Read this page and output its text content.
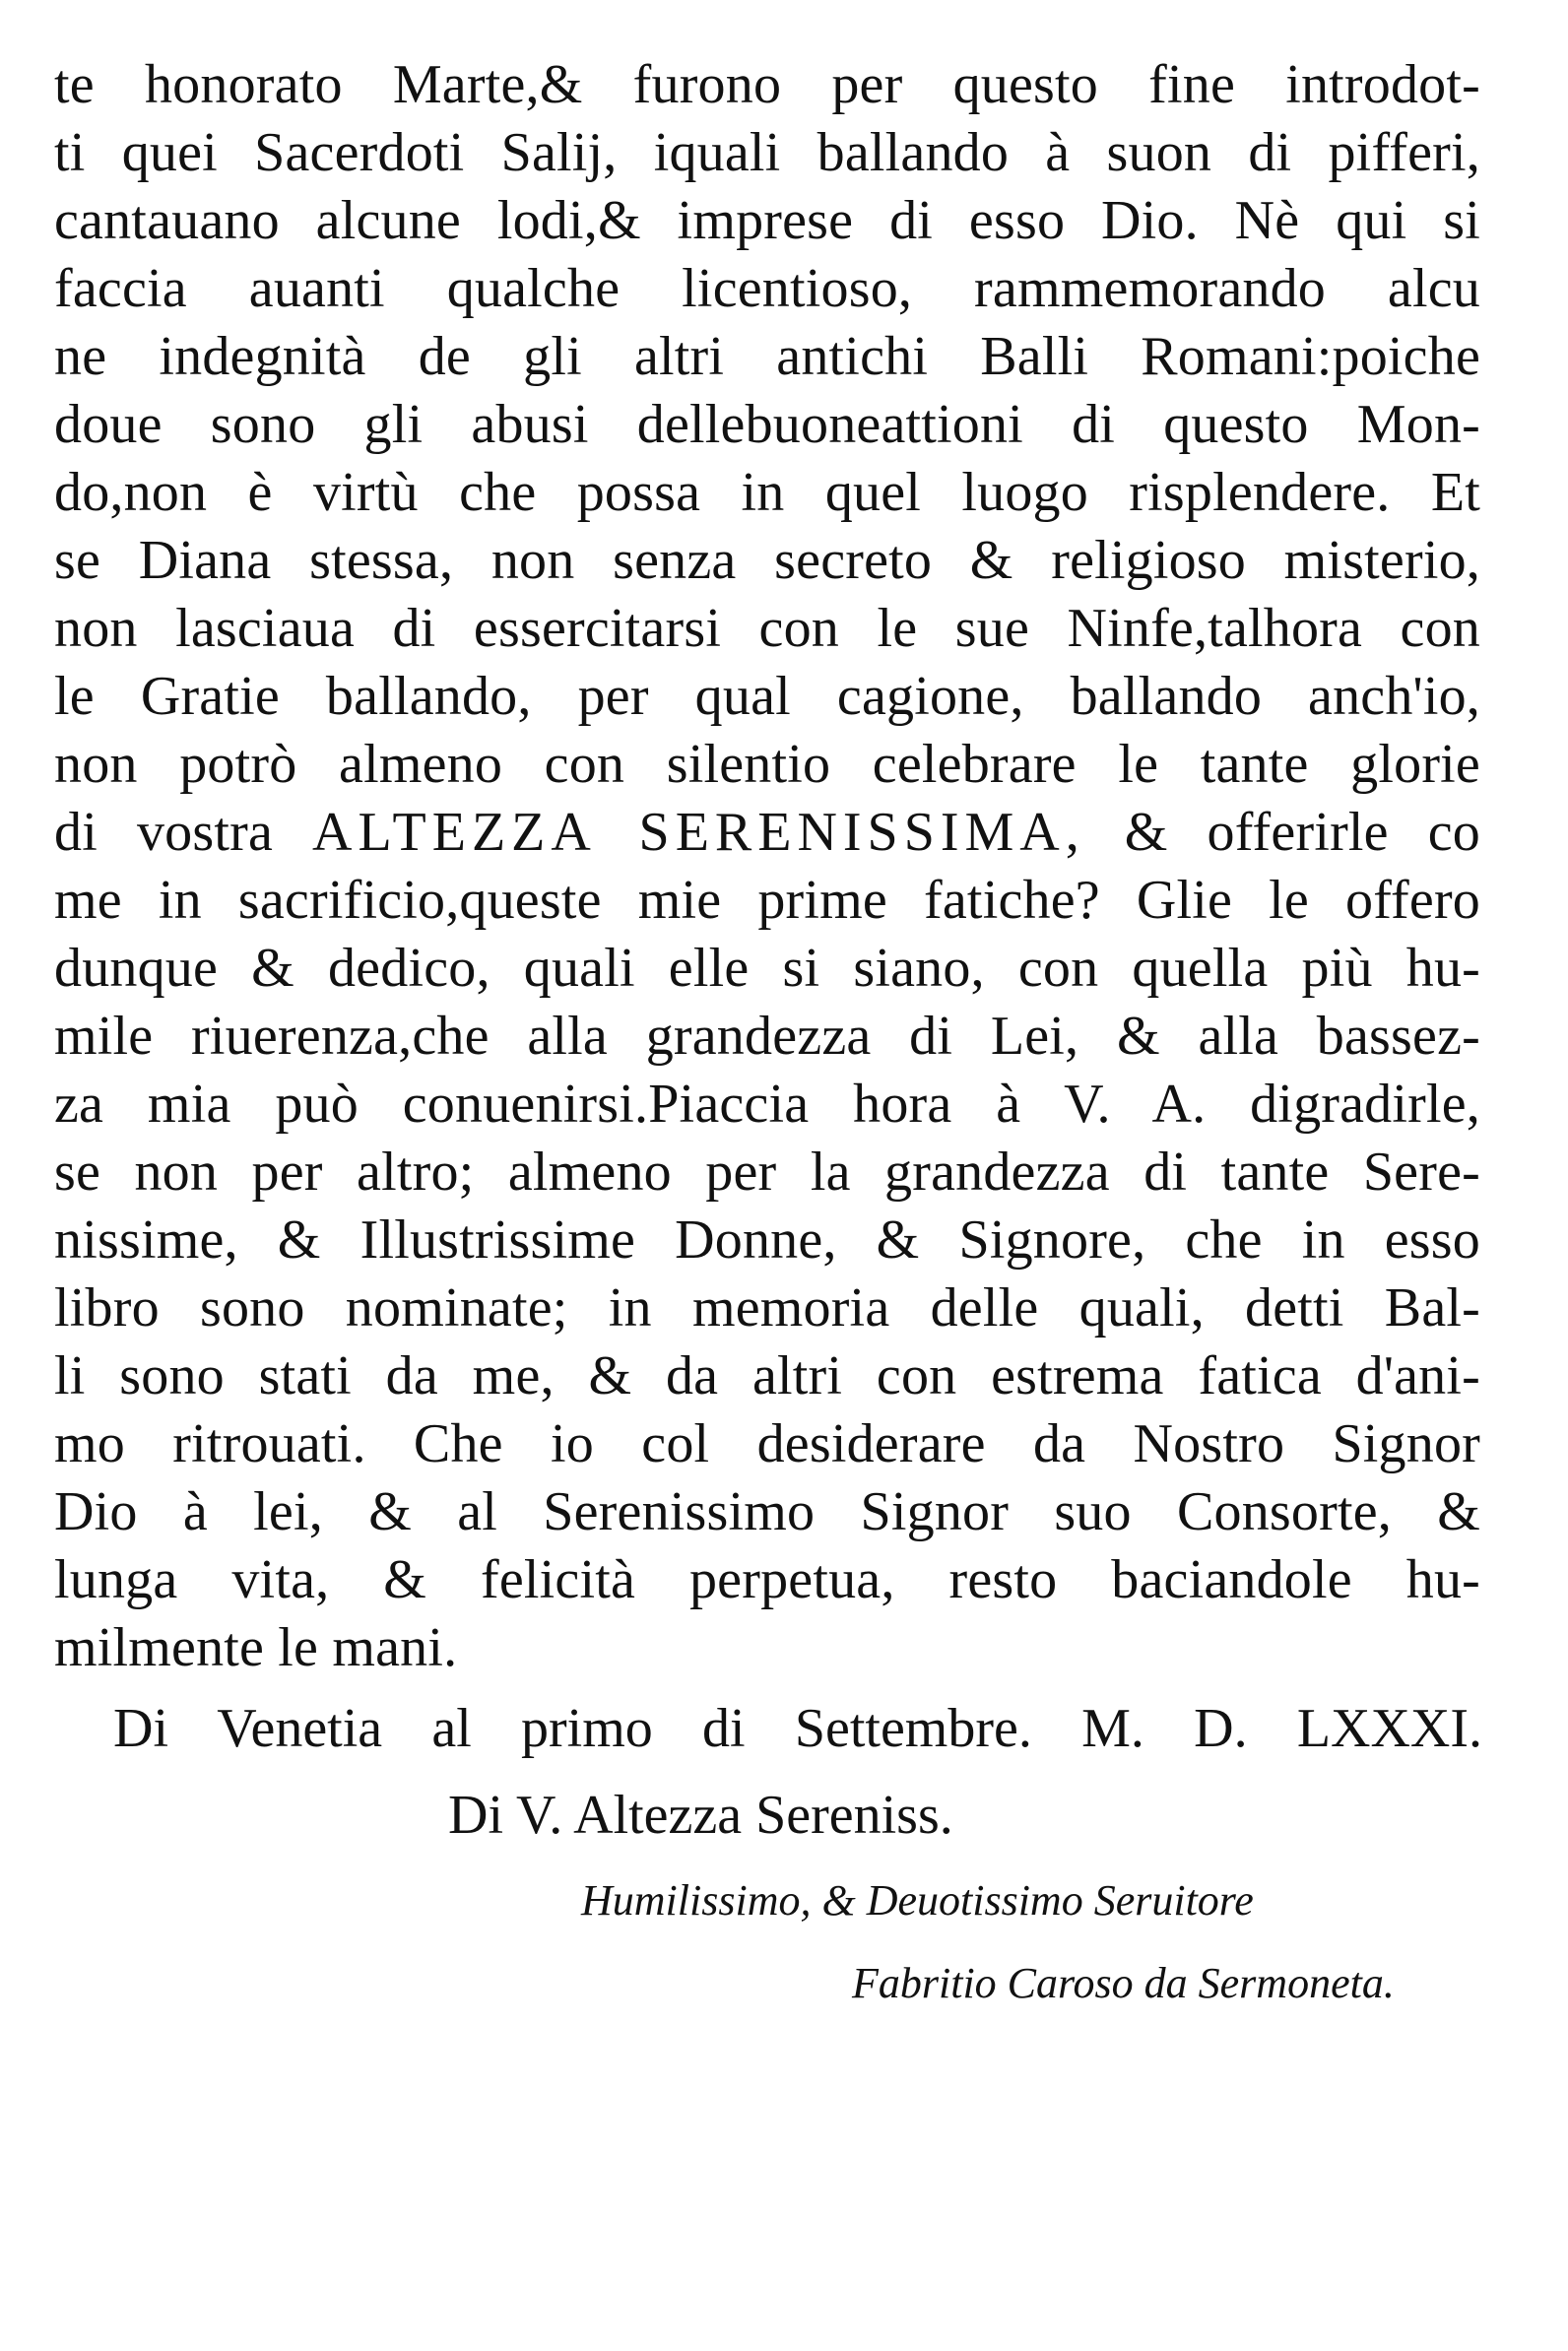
te honorato Marte,& furono per questo fine introdot-
ti quei Sacerdoti Salij, iquali ballando à suon di pifferi,
cantauano alcune lodi,& imprese di esso Dio. Nè qui si
faccia auanti qualche licentioso, rammemorando alcu
ne indegnità de gli altri antichi Balli Romani:poiche
doue sono gli abusi dellebuoneattioni di questo Mon-
do,non è virtù che possa in quel luogo risplendere. Et
se Diana stessa, non senza secreto & religioso misterio,
non lasciaua di essercitarsi con le sue Ninfe,talhora con
le Gratie ballando, per qual cagione, ballando anch'io,
non potrò almeno con silentio celebrare le tante glorie
di vostra ALTEZZA SERENISSIMA, & offerirle co
me in sacrificio,queste mie prime fatiche? Glie le offero
dunque & dedico, quali elle si siano, con quella più hu-
mile riuerenza,che alla grandezza di Lei, & alla bassez-
za mia può conuenirsi.Piaccia hora à V. A. digradirle,
se non per altro; almeno per la grandezza di tante Sere-
nissime, & Illustrissime Donne, & Signore, che in esso
libro sono nominate; in memoria delle quali, detti Bal-
li sono stati da me, & da altri con estrema fatica d'ani-
mo ritrouati. Che io col desiderare da Nostro Signor
Dio à lei, & al Serenissimo Signor suo Consorte, &
lunga vita, & felicità perpetua, resto baciandole hu-
milmente le mani.
Di Venetia al primo di Settembre. M. D. LXXXI.
Di V. Altezza Sereniss.
Humilissimo, & Deuotissimo Seruitore
Fabritio Caroso da Sermoneta.
